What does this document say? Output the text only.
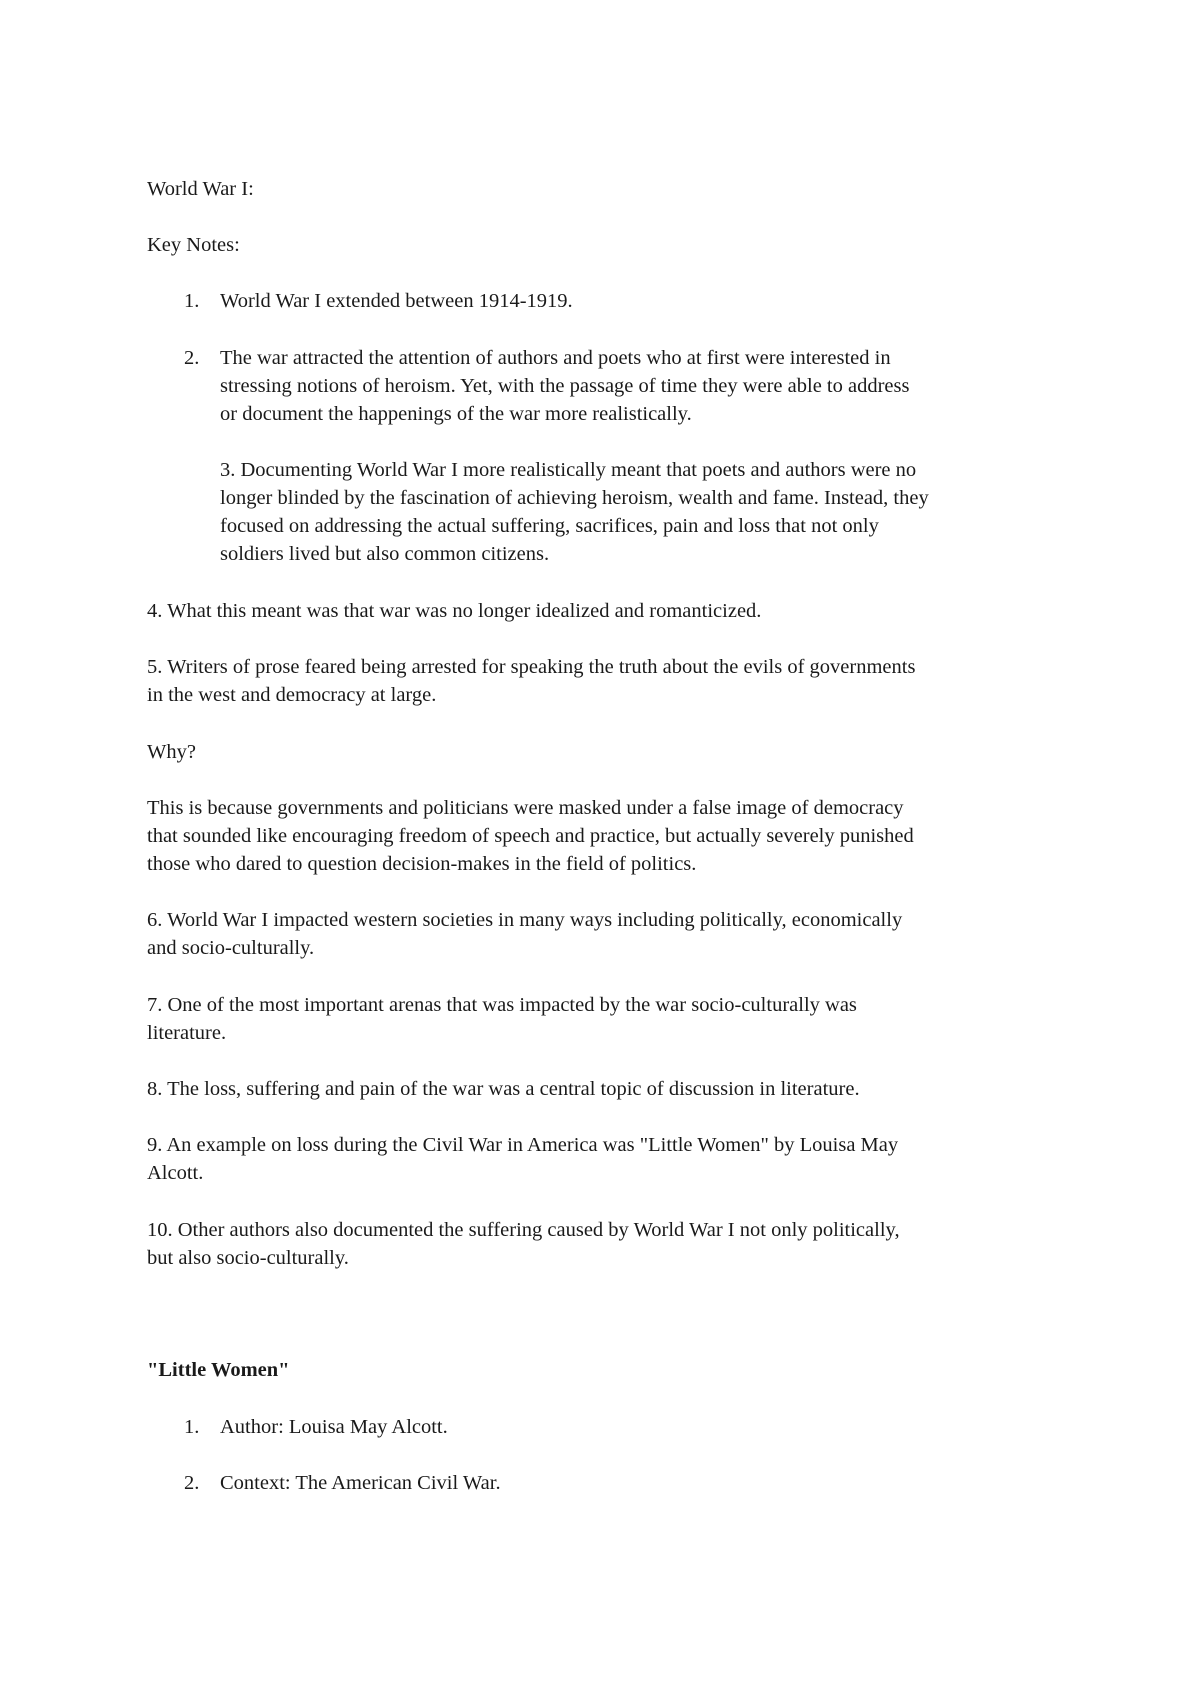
World War I:

Key Notes:

1. World War I extended between 1914-1919.

2. The war attracted the attention of authors and poets who at first were interested in

stressing notions of heroism. Yet, with the passage of time they were able to address

or document the happenings of the war more realistically.

3. Documenting World War I more realistically meant that poets and authors were no

longer blinded by the fascination of achieving heroism, wealth and fame. Instead, they

focused on addressing the actual suffering, sacrifices, pain and loss that not only

soldiers lived but also common citizens.

4. What this meant was that war was no longer idealized and romanticized.

5. Writers of prose feared being arrested for speaking the truth about the evils of governments

in the west and democracy at large.

Why?

This is because governments and politicians were masked under a false image of democracy

that sounded like encouraging freedom of speech and practice, but actually severely punished

those who dared to question decision-makes in the field of politics.

6. World War I impacted western societies in many ways including politically, economically

and socio-culturally.

7. One of the most important arenas that was impacted by the war socio-culturally was

literature.

8. The loss, suffering and pain of the war was a central topic of discussion in literature.

9. An example on loss during the Civil War in America was "Little Women" by Louisa May

Alcott.

10. Other authors also documented the suffering caused by World War I not only politically,

but also socio-culturally.

"Little Women"

1. Author: Louisa May Alcott.

2. Context: The American Civil War.
